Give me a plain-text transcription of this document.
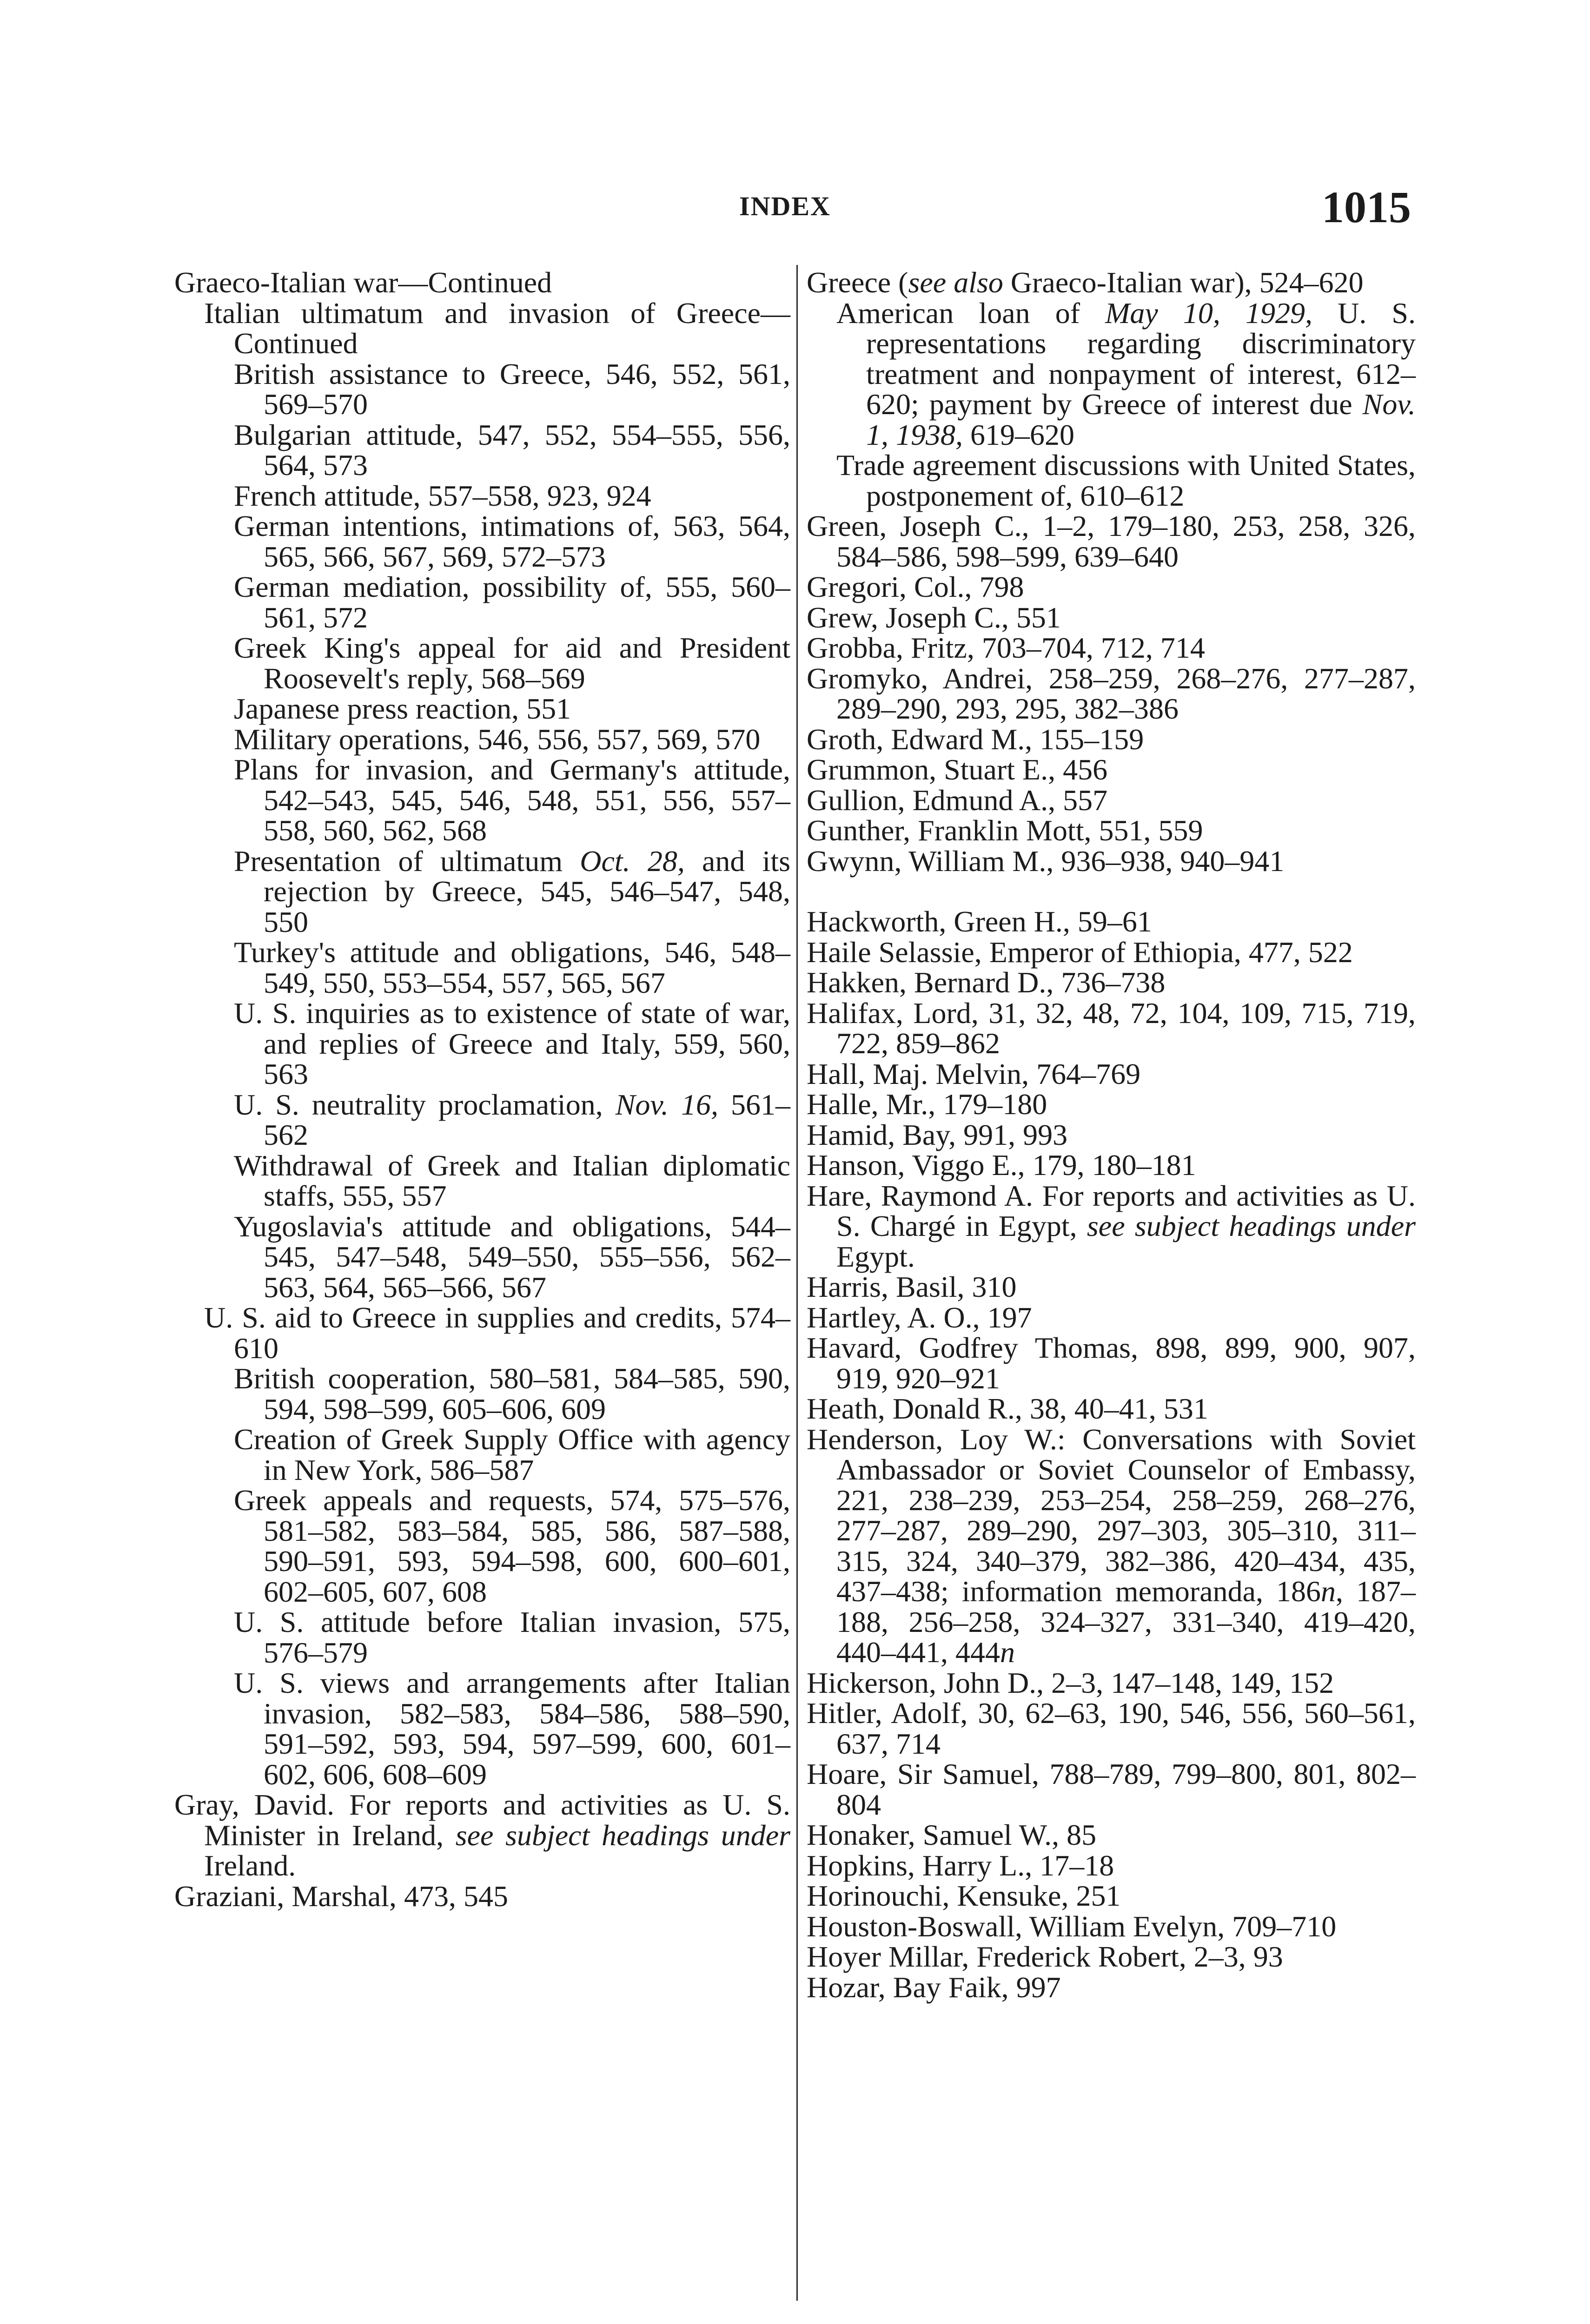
INDEX	1015

Graeco-Italian war—Continued

Italian ultimatum and invasion of Greece—Continued

British assistance to Greece, 546, 552, 561, 569–570

Bulgarian attitude, 547, 552, 554–555, 556, 564, 573

French attitude, 557–558, 923, 924

German intentions, intimations of, 563, 564, 565, 566, 567, 569, 572–573

German mediation, possibility of, 555, 560–561, 572

Greek King's appeal for aid and President Roosevelt's reply, 568–569

Japanese press reaction, 551

Military operations, 546, 556, 557, 569, 570

Plans for invasion, and Germany's attitude, 542–543, 545, 546, 548, 551, 556, 557–558, 560, 562, 568

Presentation of ultimatum Oct. 28, and its rejection by Greece, 545, 546–547, 548, 550

Turkey's attitude and obligations, 546, 548–549, 550, 553–554, 557, 565, 567

U. S. inquiries as to existence of state of war, and replies of Greece and Italy, 559, 560, 563

U. S. neutrality proclamation, Nov. 16, 561–562

Withdrawal of Greek and Italian diplomatic staffs, 555, 557

Yugoslavia's attitude and obligations, 544–545, 547–548, 549–550, 555–556, 562–563, 564, 565–566, 567

U. S. aid to Greece in supplies and credits, 574–610

British cooperation, 580–581, 584–585, 590, 594, 598–599, 605–606, 609

Creation of Greek Supply Office with agency in New York, 586–587

Greek appeals and requests, 574, 575–576, 581–582, 583–584, 585, 586, 587–588, 590–591, 593, 594–598, 600, 600–601, 602–605, 607, 608

U. S. attitude before Italian invasion, 575, 576–579

U. S. views and arrangements after Italian invasion, 582–583, 584–586, 588–590, 591–592, 593, 594, 597–599, 600, 601–602, 606, 608–609

Gray, David. For reports and activities as U. S. Minister in Ireland, see subject headings under Ireland.

Graziani, Marshal, 473, 545

Greece (see also Graeco-Italian war), 524–620

American loan of May 10, 1929, U. S. representations regarding discriminatory treatment and nonpayment of interest, 612–620; payment by Greece of interest due Nov. 1, 1938, 619–620

Trade agreement discussions with United States, postponement of, 610–612

Green, Joseph C., 1–2, 179–180, 253, 258, 326, 584–586, 598–599, 639–640

Gregori, Col., 798

Grew, Joseph C., 551

Grobba, Fritz, 703–704, 712, 714

Gromyko, Andrei, 258–259, 268–276, 277–287, 289–290, 293, 295, 382–386

Groth, Edward M., 155–159

Grummon, Stuart E., 456

Gullion, Edmund A., 557

Gunther, Franklin Mott, 551, 559

Gwynn, William M., 936–938, 940–941

Hackworth, Green H., 59–61

Haile Selassie, Emperor of Ethiopia, 477, 522

Hakken, Bernard D., 736–738

Halifax, Lord, 31, 32, 48, 72, 104, 109, 715, 719, 722, 859–862

Hall, Maj. Melvin, 764–769

Halle, Mr., 179–180

Hamid, Bay, 991, 993

Hanson, Viggo E., 179, 180–181

Hare, Raymond A. For reports and activities as U. S. Chargé in Egypt, see subject headings under Egypt.

Harris, Basil, 310

Hartley, A. O., 197

Havard, Godfrey Thomas, 898, 899, 900, 907, 919, 920–921

Heath, Donald R., 38, 40–41, 531

Henderson, Loy W.: Conversations with Soviet Ambassador or Soviet Counselor of Embassy, 221, 238–239, 253–254, 258–259, 268–276, 277–287, 289–290, 297–303, 305–310, 311–315, 324, 340–379, 382–386, 420–434, 435, 437–438; information memoranda, 186n, 187–188, 256–258, 324–327, 331–340, 419–420, 440–441, 444n

Hickerson, John D., 2–3, 147–148, 149, 152

Hitler, Adolf, 30, 62–63, 190, 546, 556, 560–561, 637, 714

Hoare, Sir Samuel, 788–789, 799–800, 801, 802–804

Honaker, Samuel W., 85

Hopkins, Harry L., 17–18

Horinouchi, Kensuke, 251

Houston-Boswall, William Evelyn, 709–710

Hoyer Millar, Frederick Robert, 2–3, 93

Hozar, Bay Faik, 997
